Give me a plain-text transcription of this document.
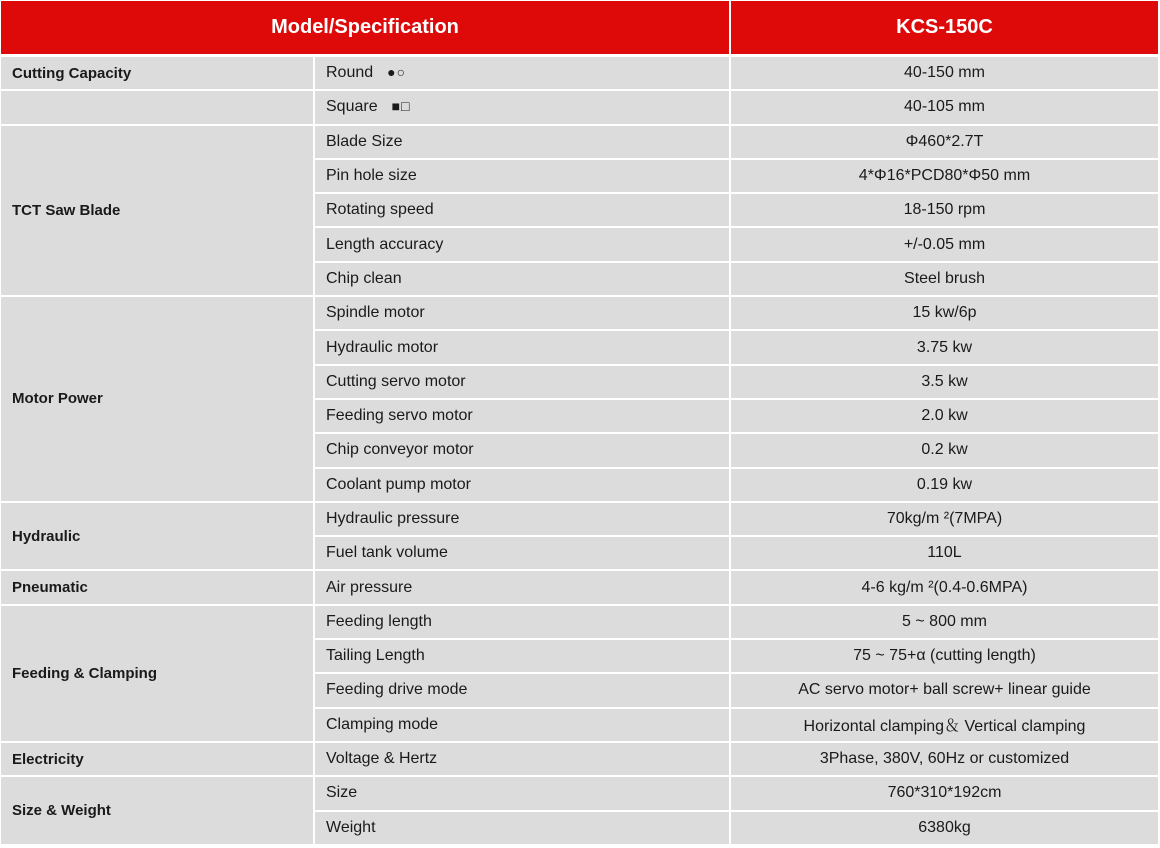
Model/Specification		KCS-150C
Cutting Capacity	Round ●○	40-150 mm
	Square ■□	40-105 mm
TCT Saw Blade	Blade Size	Φ460*2.7T
	Pin hole size	4*Φ16*PCD80*Φ50 mm
	Rotating speed	18-150 rpm
	Length accuracy	+/-0.05 mm
	Chip clean	Steel brush
Motor Power	Spindle motor	15 kw/6p
	Hydraulic motor	3.75 kw
	Cutting servo motor	3.5 kw
	Feeding servo motor	2.0 kw
	Chip conveyor motor	0.2 kw
	Coolant pump motor	0.19 kw
Hydraulic	Hydraulic pressure	70kg/m ²(7MPA)
	Fuel tank volume	110L
Pneumatic	Air pressure	4-6 kg/m ²(0.4-0.6MPA)
Feeding & Clamping	Feeding length	5 ~ 800 mm
	Tailing Length	75 ~ 75+α (cutting length)
	Feeding drive mode	AC servo motor+ ball screw+ linear guide
	Clamping mode	Horizontal clamping＆ Vertical clamping
Electricity	Voltage & Hertz	3Phase, 380V, 60Hz or customized
Size & Weight	Size	760*310*192cm
	Weight	6380kg
